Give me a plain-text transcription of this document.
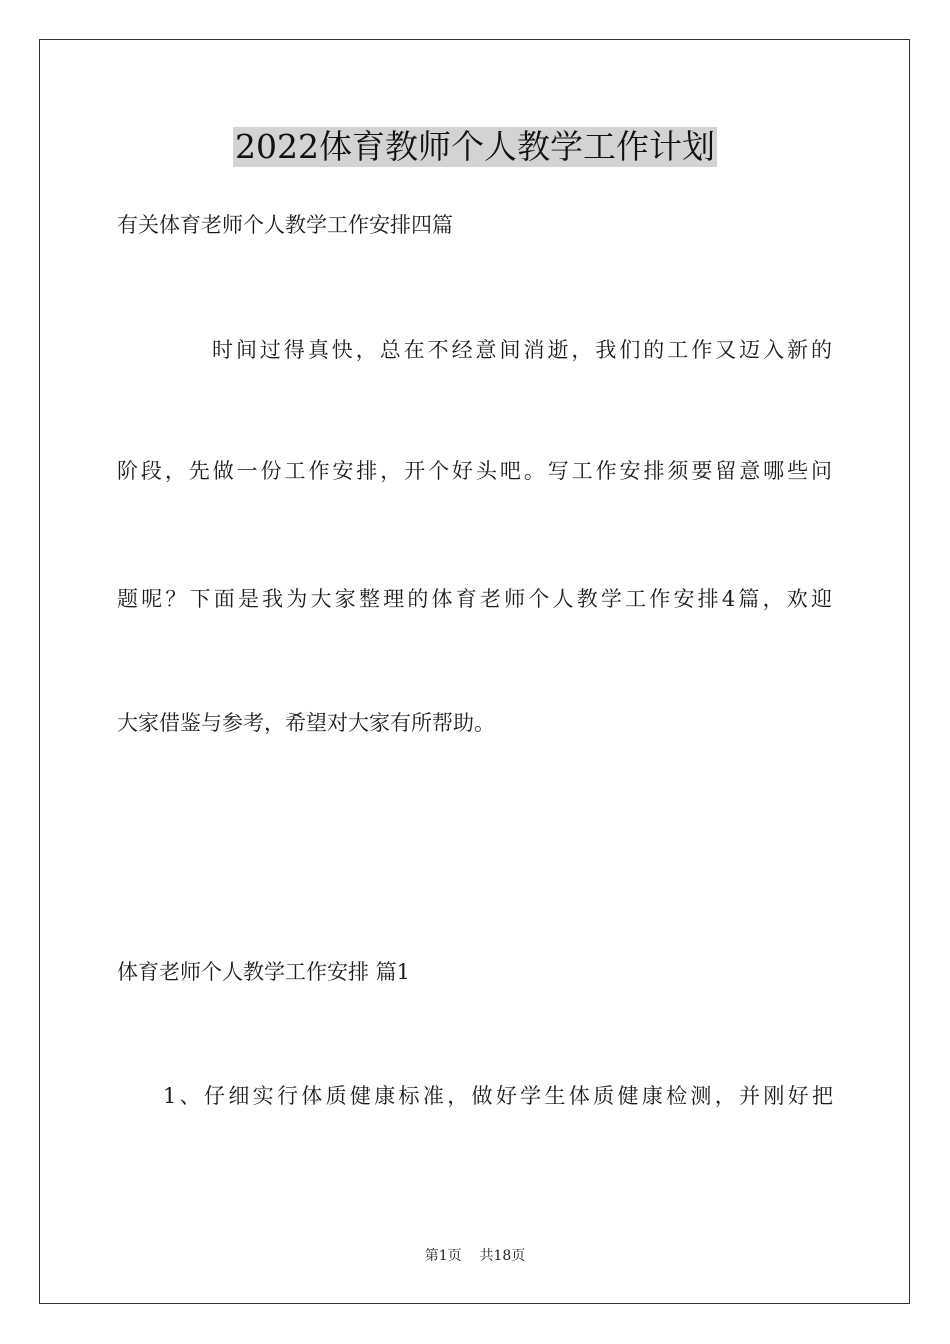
2022体育教师个人教学工作计划
有关体育老师个人教学工作安排四篇
时间过得真快，总在不经意间消逝，我们的工作又迈入新的
阶段，先做一份工作安排，开个好头吧。写工作安排须要留意哪些问
题呢？下面是我为大家整理的体育老师个人教学工作安排4篇，欢迎
大家借鉴与参考，希望对大家有所帮助。
体育老师个人教学工作安排 篇1
1、仔细实行体质健康标准，做好学生体质健康检测，并刚好把
第1页    共18页
